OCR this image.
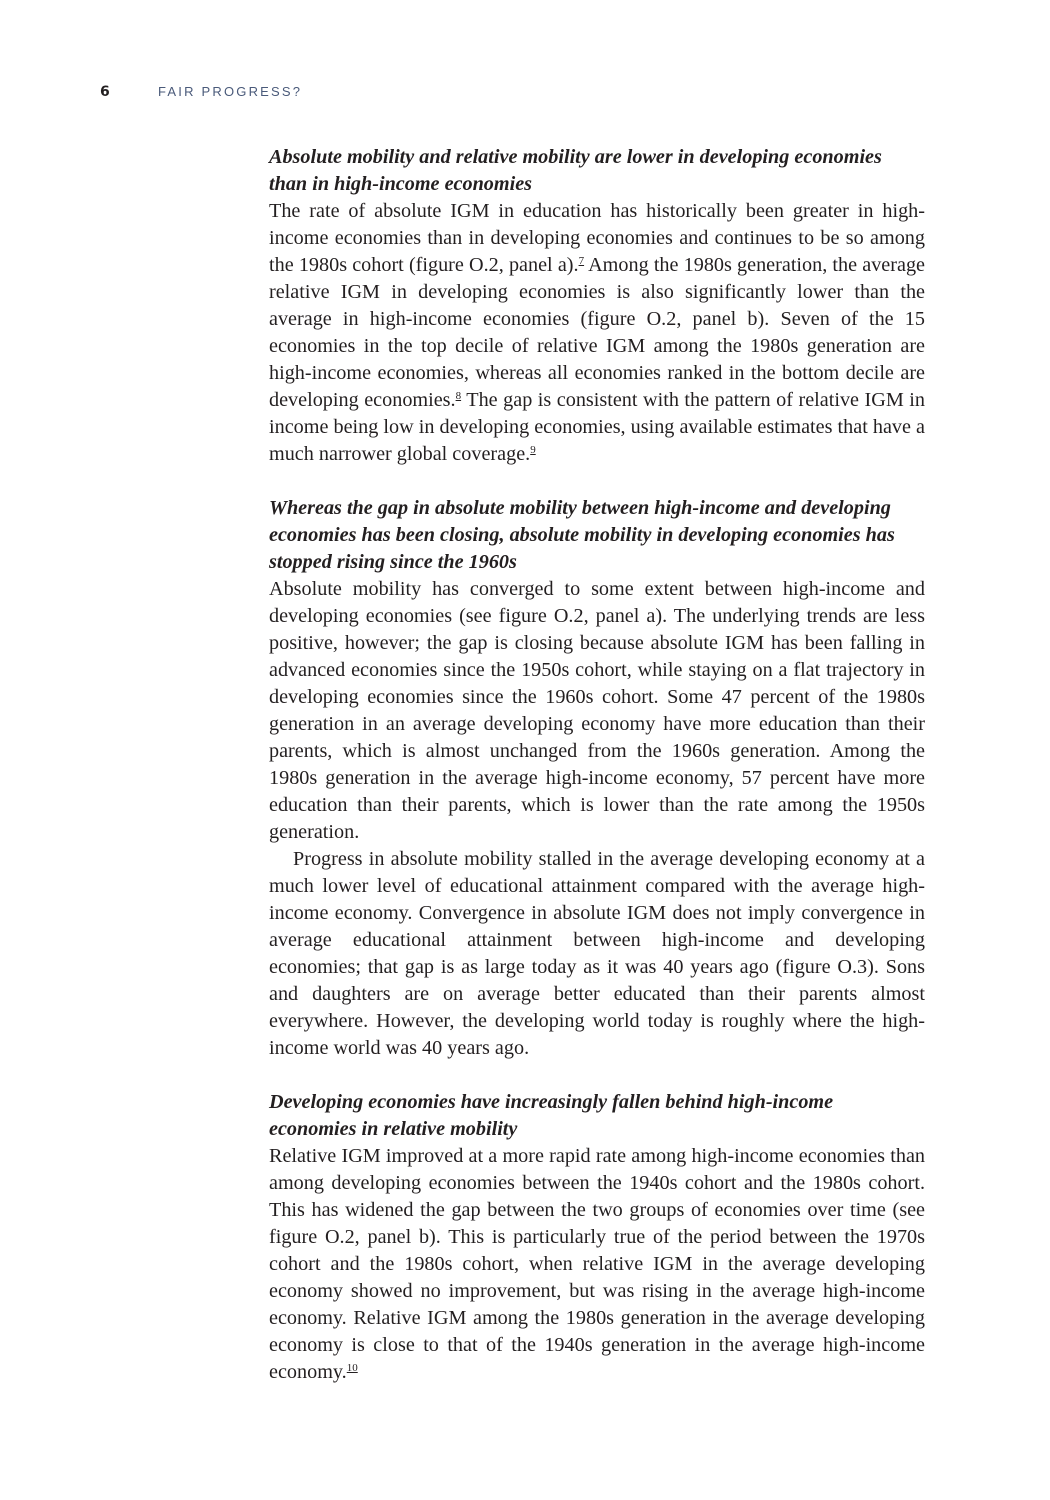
6	FAIR PROGRESS?
Absolute mobility and relative mobility are lower in developing economies than in high-income economies

The rate of absolute IGM in education has historically been greater in high-income economies than in developing economies and continues to be so among the 1980s cohort (figure O.2, panel a).$^7$ Among the 1980s generation, the average relative IGM in developing economies is also significantly lower than the average in high-income economies (figure O.2, panel b). Seven of the 15 economies in the top decile of relative IGM among the 1980s generation are high-income economies, whereas all economies ranked in the bottom decile are developing economies.$^8$ The gap is consistent with the pattern of relative IGM in income being low in developing economies, using available estimates that have a much narrower global coverage.$^9$

Whereas the gap in absolute mobility between high-income and developing economies has been closing, absolute mobility in developing economies has stopped rising since the 1960s

Absolute mobility has converged to some extent between high-income and developing economies (see figure O.2, panel a). The underlying trends are less positive, however; the gap is closing because absolute IGM has been falling in advanced economies since the 1950s cohort, while staying on a flat trajectory in developing economies since the 1960s cohort. Some 47 percent of the 1980s generation in an average developing economy have more education than their parents, which is almost unchanged from the 1960s generation. Among the 1980s generation in the average high-income economy, 57 percent have more education than their parents, which is lower than the rate among the 1950s generation.

Progress in absolute mobility stalled in the average developing economy at a much lower level of educational attainment compared with the average high-income economy. Convergence in absolute IGM does not imply convergence in average educational attainment between high-income and developing economies; that gap is as large today as it was 40 years ago (figure O.3). Sons and daughters are on average better educated than their parents almost everywhere. However, the developing world today is roughly where the high-income world was 40 years ago.

Developing economies have increasingly fallen behind high-income economies in relative mobility

Relative IGM improved at a more rapid rate among high-income economies than among developing economies between the 1940s cohort and the 1980s cohort. This has widened the gap between the two groups of economies over time (see figure O.2, panel b). This is particularly true of the period between the 1970s cohort and the 1980s cohort, when relative IGM in the average developing economy showed no improvement, but was rising in the average high-income economy. Relative IGM among the 1980s generation in the average developing economy is close to that of the 1940s generation in the average high-income economy.$^{10}$
